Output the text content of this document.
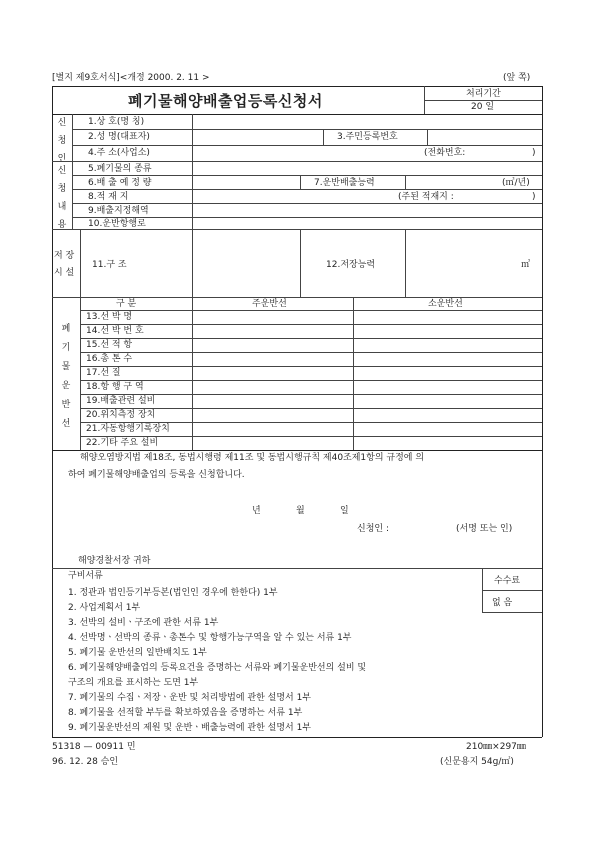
[별지 제9호서식]<개정 2000. 2. 11 >	(앞 쪽)
폐기물해양배출업등록신청서	처리기간
20 일
신
청
인
1.상 호(명 칭)
2.성 명(대표자)	3.주민등록번호
4.주 소(사업소)	(전화번호:	)
신
청
내
용
5.폐기물의 종류
6.배 출 예 정 량	7.운반배출능력	(㎥/년)
8.적 재 지	(주된 적재지 :	)
9.배출지정해역
10.운반항행로
저 장
시 설
11.구 조	12.저장능력	㎥
폐
기
물
운
반
선
구 분	주운반선	소운반선
13.선 박 명
14.선 박 번 호
15.선 적 항
16.총 톤 수
17.선 질
18.항 행 구 역
19.배출관련 설비
20.위치측정 장치
21.자동항행기록장치
22.기타 주요 설비
해양오염방지법 제18조, 동법시행령 제11조 및 동법시행규칙 제40조제1항의 규정에 의
하여 폐기물해양배출업의 등록을 신청합니다.
년	월	일
신청인 :	(서명 또는 인)
해양경찰서장 귀하
수수료
없 음
구비서류
1. 정관과 법인등기부등본(법인인 경우에 한한다) 1부
2. 사업계획서 1부
3. 선박의 설비ㆍ구조에 관한 서류 1부
4. 선박명ㆍ선박의 종류ㆍ총톤수 및 항행가능구역을 알 수 있는 서류 1부
5. 폐기물 운반선의 일반배치도 1부
6. 폐기물해양배출업의 등록요건을 증명하는 서류와 폐기물운반선의 설비 및
구조의 개요를 표시하는 도면 1부
7. 폐기물의 수집ㆍ저장ㆍ운반 및 처리방법에 관한 설명서 1부
8. 폐기물을 선적할 부두를 확보하였음을 증명하는 서류 1부
9. 폐기물운반선의 제원 및 운반ㆍ배출능력에 관한 설명서 1부
51318 — 00911 민
96. 12. 28 승인
210㎜×297㎜
(신문용지 54g/㎡)
